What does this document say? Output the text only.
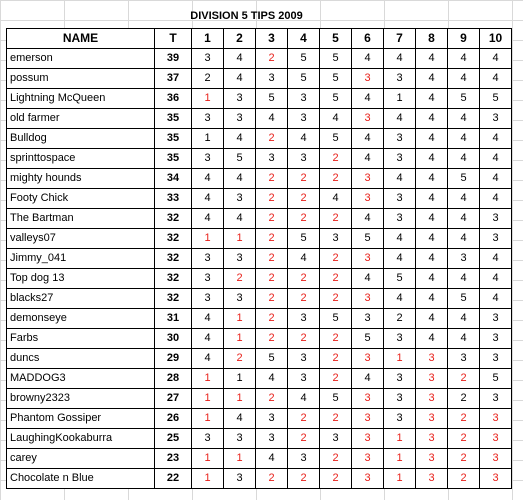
DIVISION 5 TIPS 2009
NAME	T	1	2	3	4	5	6	7	8	9	10
emerson	39	3	4	2	5	5	4	4	4	4	4
possum	37	2	4	3	5	5	3	3	4	4	4
Lightning McQueen	36	1	3	5	3	5	4	1	4	5	5
old farmer	35	3	3	4	3	4	3	4	4	4	3
Bulldog	35	1	4	2	4	5	4	3	4	4	4
sprinttospace	35	3	5	3	3	2	4	3	4	4	4
mighty hounds	34	4	4	2	2	2	3	4	4	5	4
Footy Chick	33	4	3	2	2	4	3	3	4	4	4
The Bartman	32	4	4	2	2	2	4	3	4	4	3
valleys07	32	1	1	2	5	3	5	4	4	4	3
Jimmy_041	32	3	3	2	4	2	3	4	4	3	4
Top dog 13	32	3	2	2	2	2	4	5	4	4	4
blacks27	32	3	3	2	2	2	3	4	4	5	4
demonseye	31	4	1	2	3	5	3	2	4	4	3
Farbs	30	4	1	2	2	2	5	3	4	4	3
duncs	29	4	2	5	3	2	3	1	3	3	3
MADDOG3	28	1	1	4	3	2	4	3	3	2	5
browny2323	27	1	1	2	4	5	3	3	3	2	3
Phantom Gossiper	26	1	4	3	2	2	3	3	3	2	3
LaughingKookaburra	25	3	3	3	2	3	3	1	3	2	3
carey	23	1	1	4	3	2	3	1	3	2	3
Chocolate n Blue	22	1	3	2	2	2	3	1	3	2	3
